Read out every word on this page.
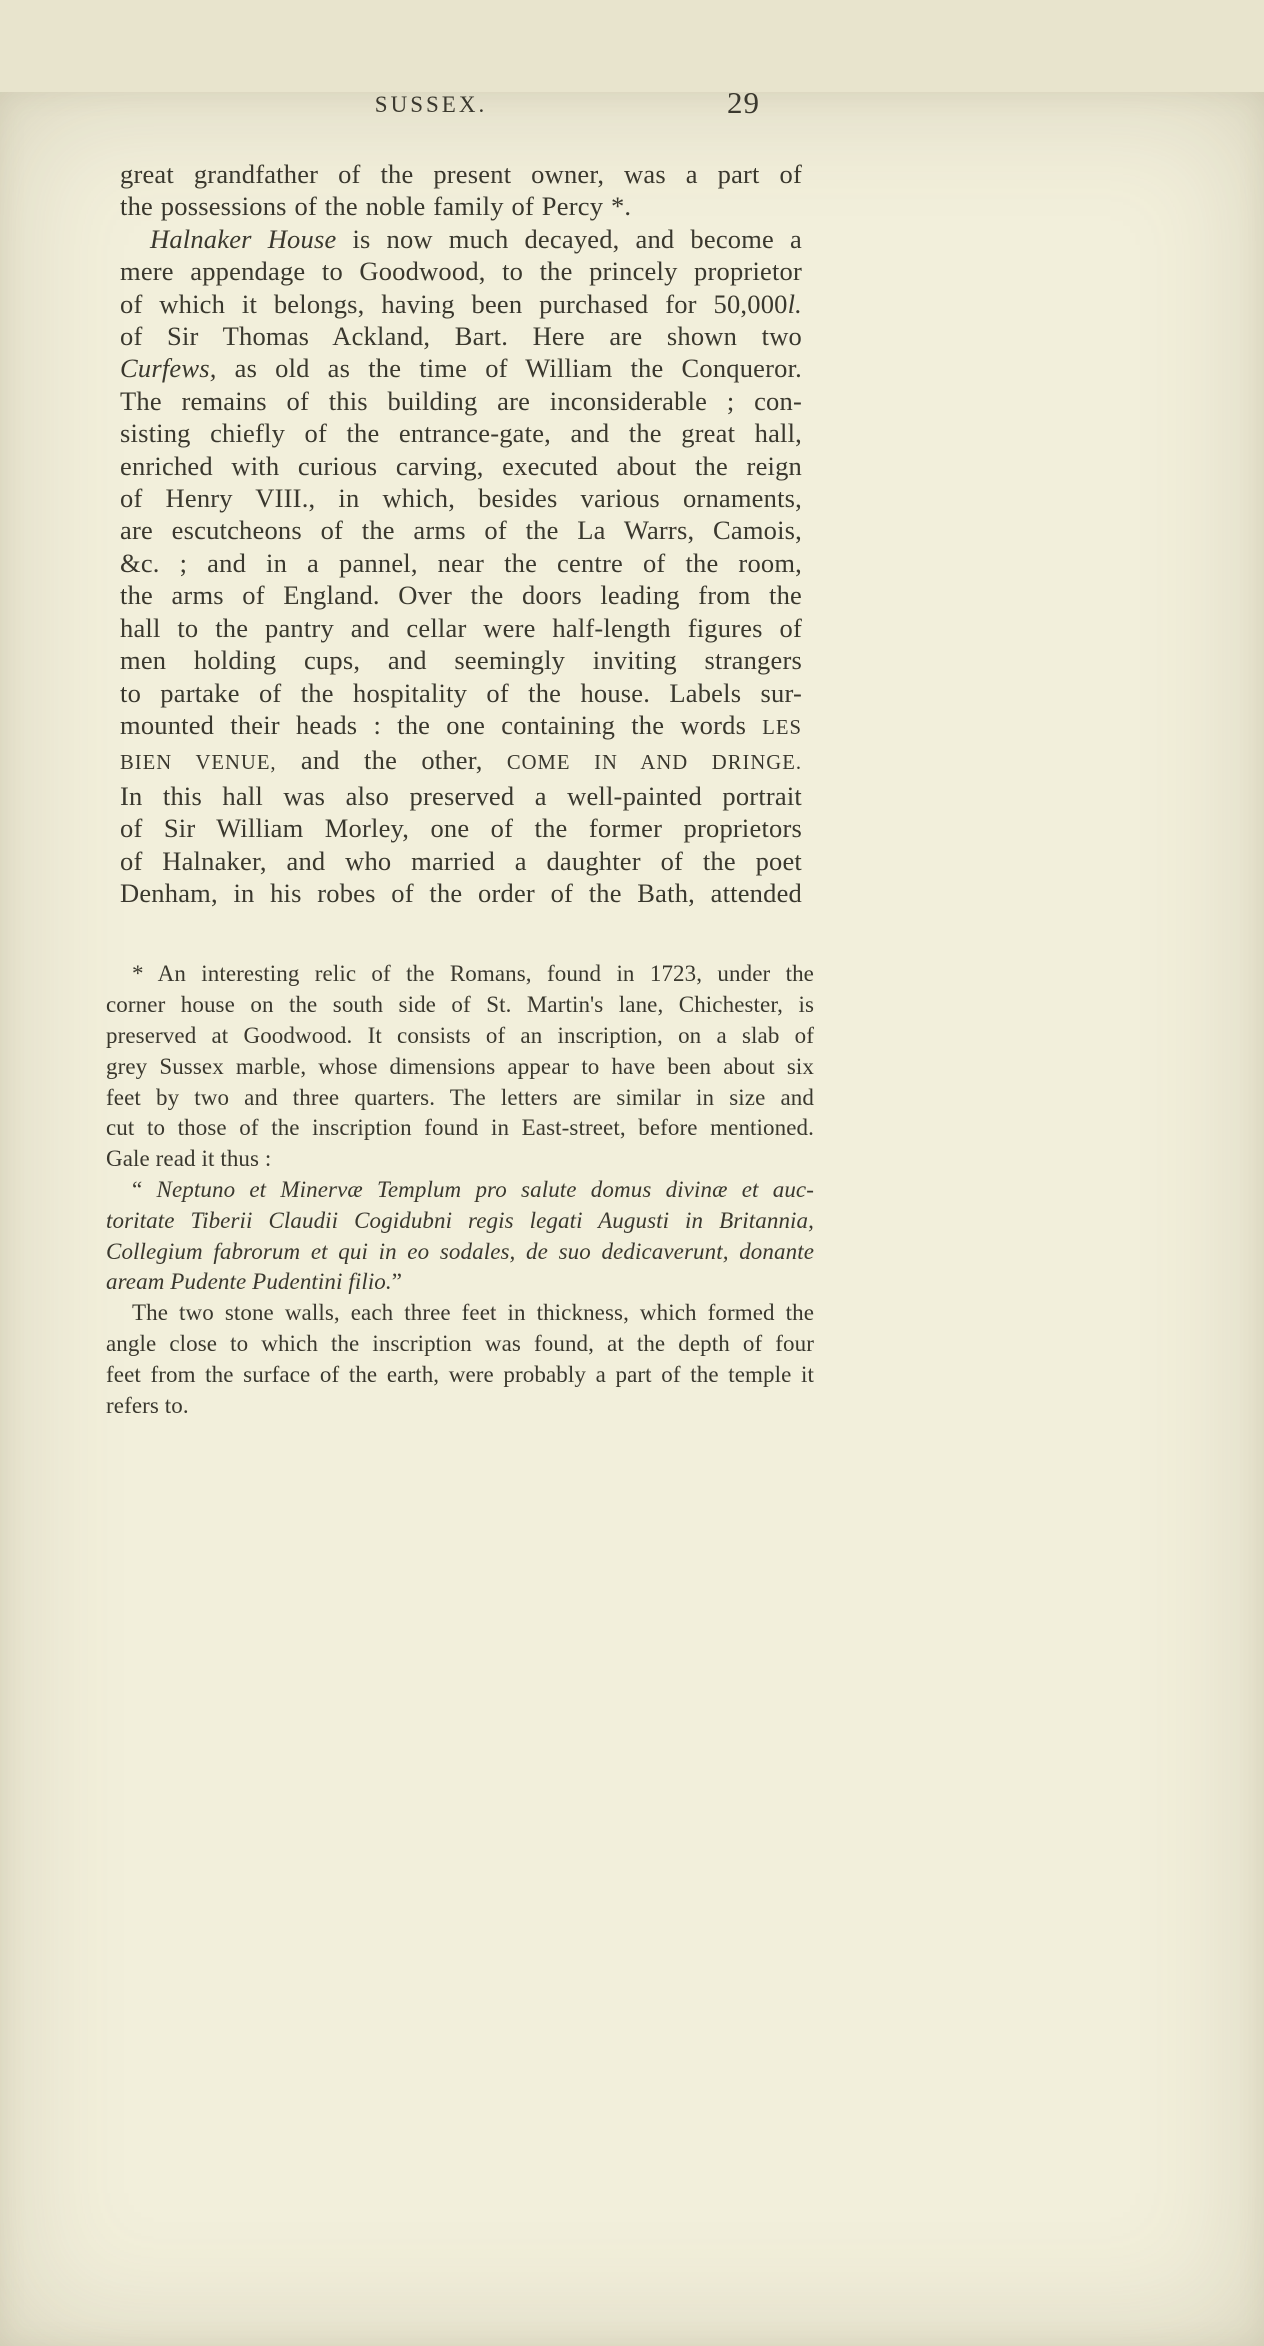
SUSSEX.	29
great grandfather of the present owner, was a part of
the possessions of the noble family of Percy *.
Halnaker House is now much decayed, and become a
mere appendage to Goodwood, to the princely proprietor
of which it belongs, having been purchased for 50,000l.
of Sir Thomas Ackland, Bart. Here are shown two
Curfews, as old as the time of William the Conqueror.
The remains of this building are inconsiderable ; con-
sisting chiefly of the entrance-gate, and the great hall,
enriched with curious carving, executed about the reign
of Henry VIII., in which, besides various ornaments,
are escutcheons of the arms of the La Warrs, Camois,
&c. ; and in a pannel, near the centre of the room,
the arms of England. Over the doors leading from the
hall to the pantry and cellar were half-length figures of
men holding cups, and seemingly inviting strangers
to partake of the hospitality of the house. Labels sur-
mounted their heads : the one containing the words LES
BIEN VENUE, and the other, COME IN AND DRINGE.
In this hall was also preserved a well-painted portrait
of Sir William Morley, one of the former proprietors
of Halnaker, and who married a daughter of the poet
Denham, in his robes of the order of the Bath, attended
* An interesting relic of the Romans, found in 1723, under the
corner house on the south side of St. Martin's lane, Chichester, is
preserved at Goodwood. It consists of an inscription, on a slab of
grey Sussex marble, whose dimensions appear to have been about six
feet by two and three quarters. The letters are similar in size and
cut to those of the inscription found in East-street, before mentioned.
Gale read it thus :
“ Neptuno et Minervæ Templum pro salute domus divinæ et auc-
toritate Tiberii Claudii Cogidubni regis legati Augusti in Britannia,
Collegium fabrorum et qui in eo sodales, de suo dedicaverunt, donante
aream Pudente Pudentini filio.”
The two stone walls, each three feet in thickness, which formed the
angle close to which the inscription was found, at the depth of four
feet from the surface of the earth, were probably a part of the temple it
refers to.
